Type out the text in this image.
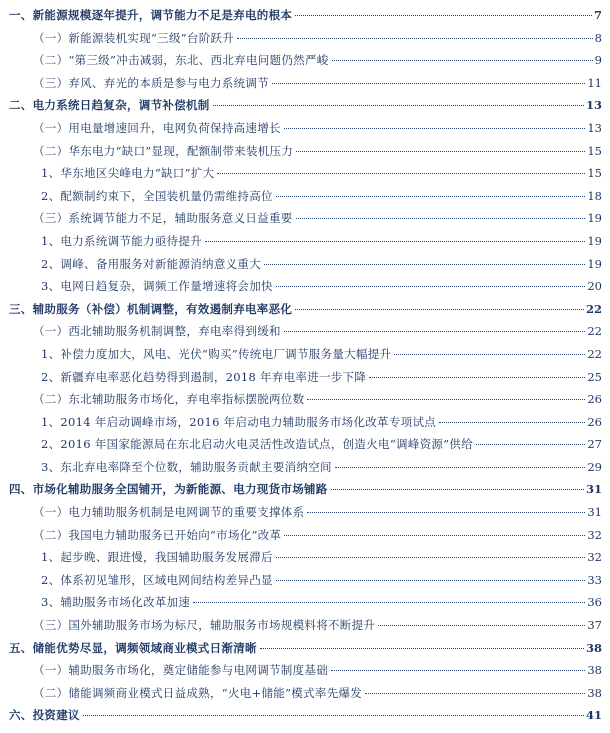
一、新能源规模逐年提升，调节能力不足是弃电的根本	7
（一）新能源装机实现“三级”台阶跃升	8
（二）“第三级”冲击减弱，东北、西北弃电问题仍然严峻	9
（三）弃风、弃光的本质是参与电力系统调节	11
二、电力系统日趋复杂，调节补偿机制	13
（一）用电量增速回升，电网负荷保持高速增长	13
（二）华东电力“缺口”显现，配额制带来装机压力	15
1、华东地区尖峰电力“缺口”扩大	15
2、配额制约束下，全国装机量仍需维持高位	18
（三）系统调节能力不足，辅助服务意义日益重要	19
1、电力系统调节能力亟待提升	19
2、调峰、备用服务对新能源消纳意义重大	19
3、电网日趋复杂，调频工作量增速将会加快	20
三、辅助服务（补偿）机制调整，有效遏制弃电率恶化	22
（一）西北辅助服务机制调整，弃电率得到缓和	22
1、补偿力度加大，风电、光伏“购买”传统电厂调节服务量大幅提升	22
2、新疆弃电率恶化趋势得到遏制，2018 年弃电率进一步下降	25
（二）东北辅助服务市场化，弃电率指标摆脱两位数	26
1、2014 年启动调峰市场，2016 年启动电力辅助服务市场化改革专项试点	26
2、2016 年国家能源局在东北启动火电灵活性改造试点，创造火电“调峰资源”供给	27
3、东北弃电率降至个位数，辅助服务贡献主要消纳空间	29
四、市场化辅助服务全国铺开，为新能源、电力现货市场铺路	31
（一）电力辅助服务机制是电网调节的重要支撑体系	31
（二）我国电力辅助服务已开始向“市场化”改革	32
1、起步晚、跟进慢，我国辅助服务发展滞后	32
2、体系初见雏形，区域电网间结构差异凸显	33
3、辅助服务市场化改革加速	36
（三）国外辅助服务市场为标尺，辅助服务市场规模料将不断提升	37
五、储能优势尽显，调频领域商业模式日渐清晰	38
（一）辅助服务市场化，奠定储能参与电网调节制度基础	38
（二）储能调频商业模式日益成熟，“火电+储能”模式率先爆发	38
六、投资建议	41
